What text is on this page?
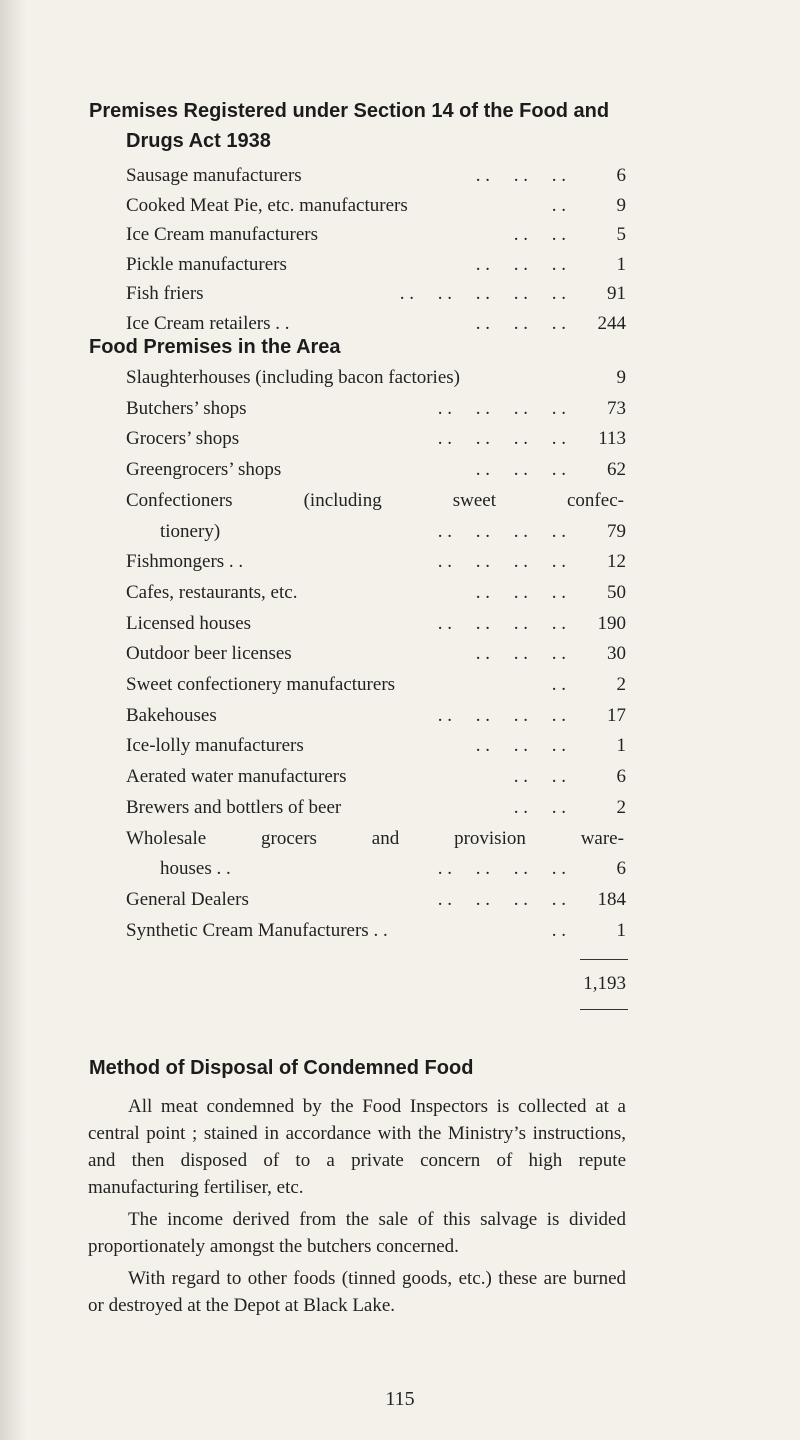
Premises Registered under Section 14 of the Food and
Drugs Act 1938
Sausage manufacturers	. .     . .     . .	6
Cooked Meat Pie, etc. manufacturers	. .	9
Ice Cream manufacturers	. .     . .	5
Pickle manufacturers	. .     . .     . .	1
Fish friers	. .     . .     . .     . .     . . 91
Ice Cream retailers . .	. .     . .     . . 244
Food Premises in the Area
Slaughterhouses (including bacon factories)	9
Butchers’ shops	. .     . .     . .     . . 73
Grocers’ shops	. .     . .     . .     . . 113
Greengrocers’ shops	. .     . .     . . 62
Confectioners	(including	sweet	confec-
tionery)	. .     . .     . .     . . 79
Fishmongers . .	. .     . .     . .     . . 12
Cafes, restaurants, etc.	. .     . .     . . 50
Licensed houses	. .     . .     . .     . . 190
Outdoor beer licenses	. .     . .     . . 30
Sweet confectionery manufacturers	. .	2
Bakehouses	. .     . .     . .     . . 17
Ice-lolly manufacturers	. .     . .     . .	1
Aerated water manufacturers	. .     . .	6
Brewers and bottlers of beer	. .     . .	2
Wholesale	grocers	and	provision	ware-
houses . .	. .     . .     . .     . .	6
General Dealers	. .     . .     . .     . . 184
Synthetic Cream Manufacturers . .	. .	1
1,193
Method of Disposal of Condemned Food
All meat condemned by the Food Inspectors is collected at a central point ; stained in accordance with the Ministry’s instructions, and then disposed of to a private concern of high repute manufacturing fertiliser, etc.
The income derived from the sale of this salvage is divided proportionately amongst the butchers concerned.
With regard to other foods (tinned goods, etc.) these are burned or destroyed at the Depot at Black Lake.
115
